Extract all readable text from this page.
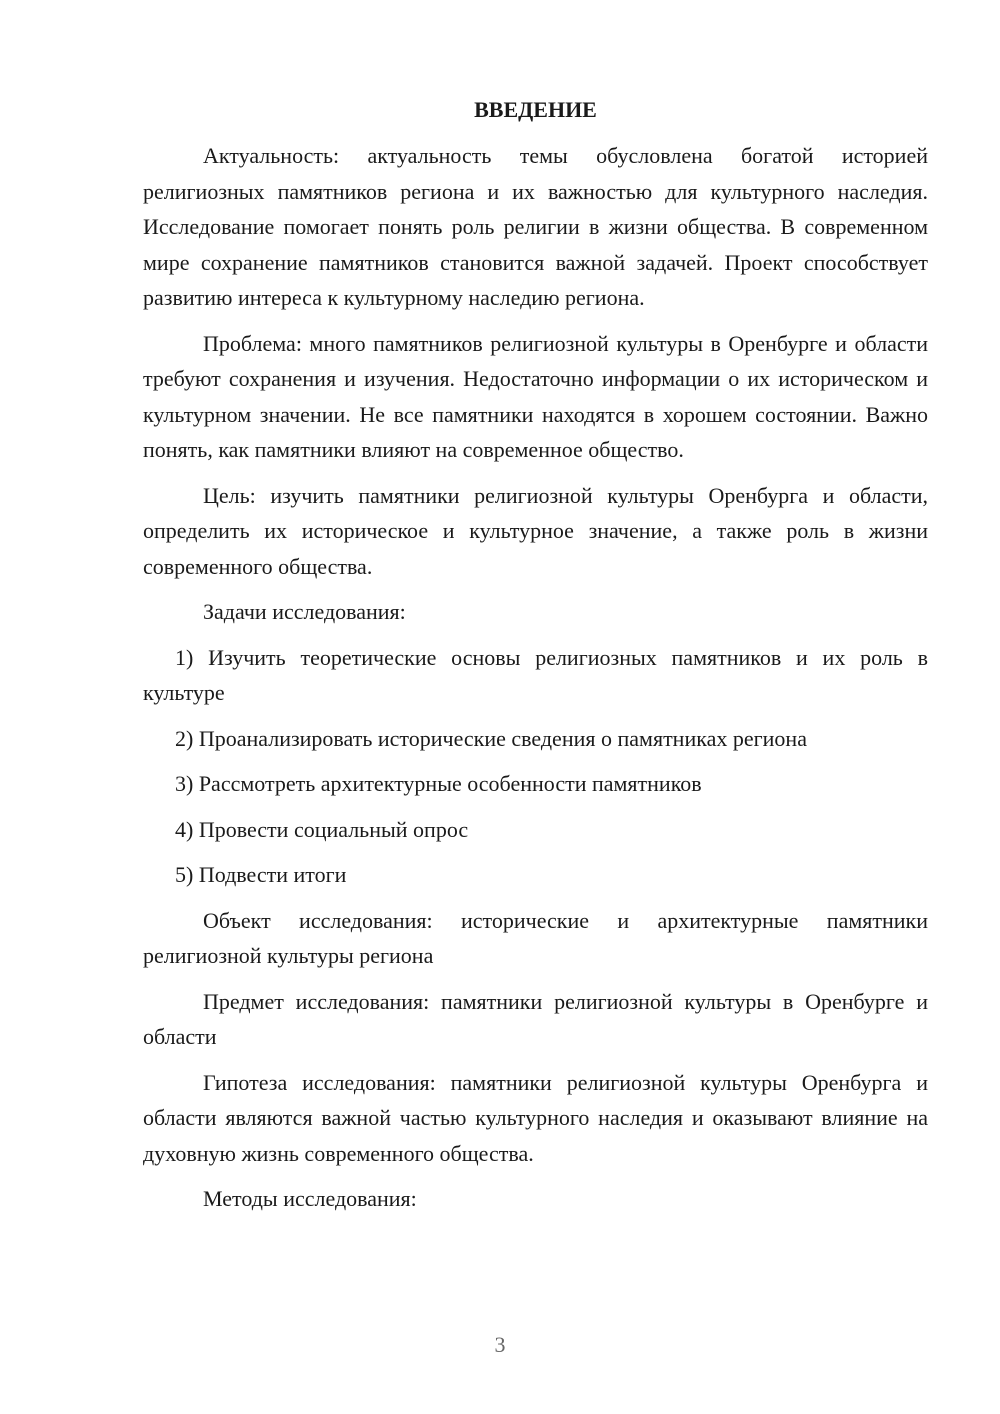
ВВЕДЕНИЕ

Актуальность: актуальность темы обусловлена богатой историей религиозных памятников региона и их важностью для культурного наследия. Исследование помогает понять роль религии в жизни общества. В современном мире сохранение памятников становится важной задачей. Проект способствует развитию интереса к культурному наследию региона.

Проблема: много памятников религиозной культуры в Оренбурге и области требуют сохранения и изучения. Недостаточно информации о их историческом и культурном значении. Не все памятники находятся в хорошем состоянии. Важно понять, как памятники влияют на современное общество.

Цель: изучить памятники религиозной культуры Оренбурга и области, определить их историческое и культурное значение, а также роль в жизни современного общества.

Задачи исследования:

1) Изучить теоретические основы религиозных памятников и их роль в культуре

2) Проанализировать исторические сведения о памятниках региона

3) Рассмотреть архитектурные особенности памятников

4) Провести социальный опрос

5) Подвести итоги

Объект исследования: исторические и архитектурные памятники религиозной культуры региона

Предмет исследования: памятники религиозной культуры в Оренбурге и области

Гипотеза исследования: памятники религиозной культуры Оренбурга и области являются важной частью культурного наследия и оказывают влияние на духовную жизнь современного общества.

Методы исследования:

3
